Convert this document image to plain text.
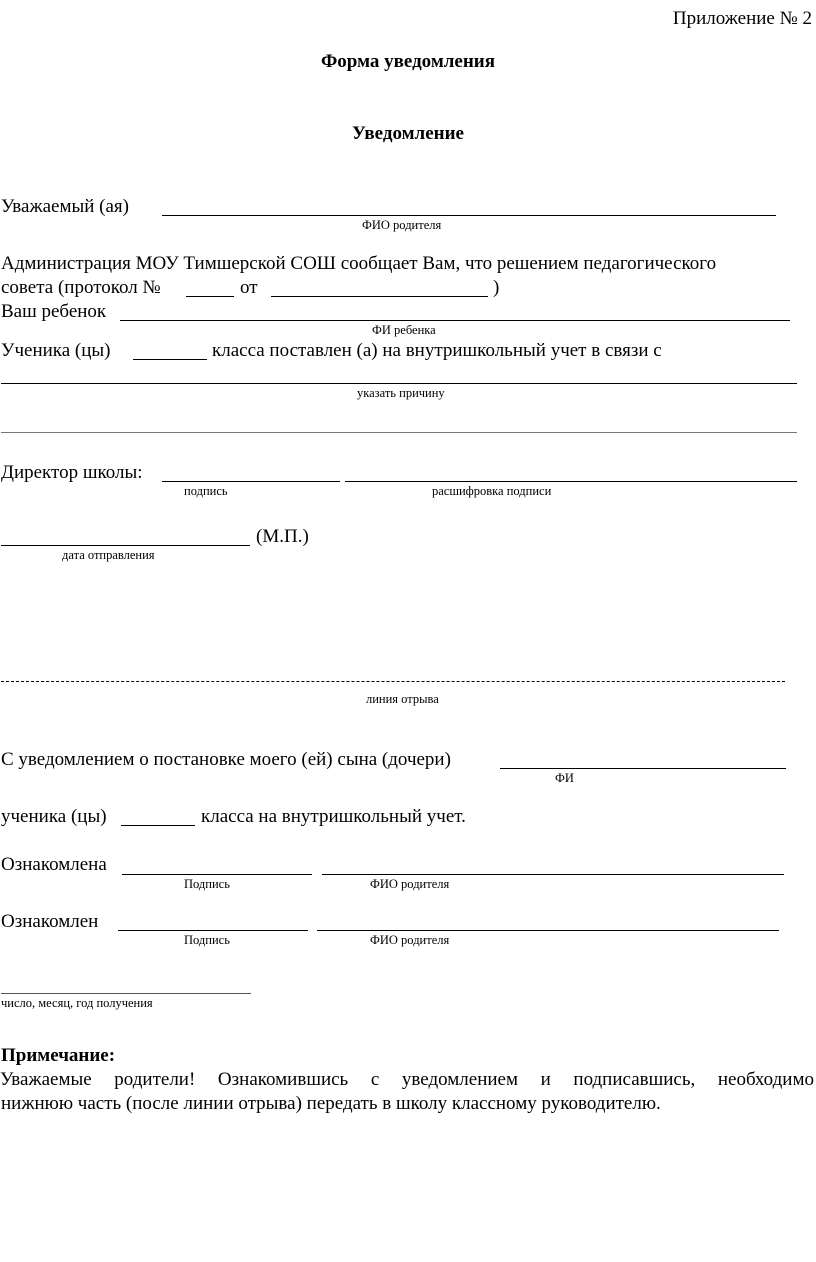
Приложение № 2
Форма уведомления
Уведомление
Уважаемый (ая)
ФИО родителя
Администрация МОУ Тимшерской СОШ сообщает Вам, что решением педагогического
совета (протокол №	от	)
Ваш ребенок
ФИ ребенка
Ученика (цы)	класса поставлен (а) на внутришкольный учет в связи с
указать причину
Директор школы:
подпись	расшифровка подписи
(М.П.)
дата отправления
линия отрыва
С уведомлением о постановке моего (ей) сына (дочери)
ФИ
ученика (цы)	класса на внутришкольный учет.
Ознакомлена
Подпись	ФИО родителя
Ознакомлен
Подпись	ФИО родителя
число, месяц, год получения
Примечание:
Уважаемые родители! Ознакомившись с уведомлением и подписавшись, необходимо
нижнюю часть (после линии отрыва) передать в школу классному руководителю.
